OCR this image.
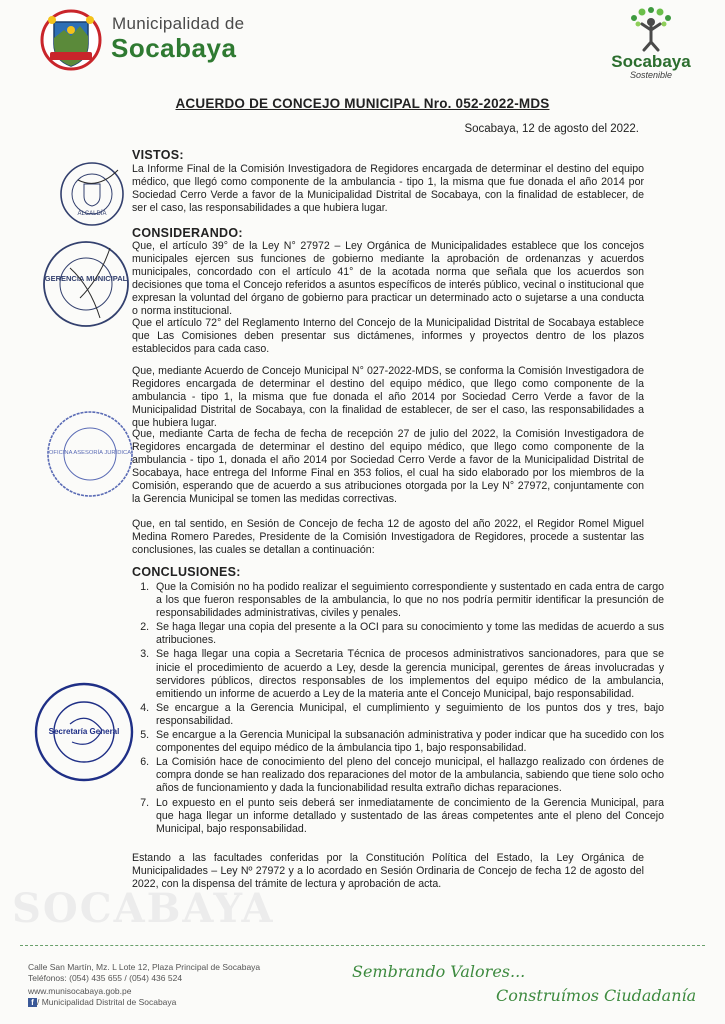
SOCABAYA
Municipalidad de
Socabaya	Socabaya
Sostenible
ACUERDO DE CONCEJO MUNICIPAL Nro. 052-2022-MDS
Socabaya, 12 de agosto del 2022.
ALCALDÍA
GERENCIA MUNICIPAL
OFICINA ASESORÍA JURÍDICA
Secretaría General
VISTOS:
La Informe Final de la Comisión Investigadora de Regidores encargada de determinar el destino del equipo médico, que llegó como componente de la ambulancia - tipo 1, la misma que fue donada el año 2014 por Sociedad Cerro Verde a favor de la Municipalidad Distrital de Socabaya, con la finalidad de establecer, de ser el caso, las responsabilidades a que hubiera lugar.
CONSIDERANDO:
Que, el artículo 39° de la Ley N° 27972 – Ley Orgánica de Municipalidades establece que los concejos municipales ejercen sus funciones de gobierno mediante la aprobación de ordenanzas y acuerdos municipales, concordado con el artículo 41° de la acotada norma que señala que los acuerdos son decisiones que toma el Concejo referidos a asuntos específicos de interés público, vecinal o institucional que expresan la voluntad del órgano de gobierno para practicar un determinado acto o sujetarse a una conducta o norma institucional.
Que el artículo 72° del Reglamento Interno del Concejo de la Municipalidad Distrital de Socabaya establece que Las Comisiones deben presentar sus dictámenes, informes y proyectos dentro de los plazos establecidos para cada caso.
Que, mediante Acuerdo de Concejo Municipal N° 027-2022-MDS, se conforma la Comisión Investigadora de Regidores encargada de determinar el destino del equipo médico, que llego como componente de la ambulancia - tipo 1, la misma que fue donada el año 2014 por Sociedad Cerro Verde a favor de la Municipalidad Distrital de Socabaya, con la finalidad de establecer, de ser el caso, las responsabilidades a que hubiera lugar.
Que, mediante Carta de fecha de fecha de recepción 27 de julio del 2022, la Comisión Investigadora de Regidores encargada de determinar el destino del equipo médico, que llego como componente de la ambulancia - tipo 1, donada el año 2014 por Sociedad Cerro Verde a favor de la Municipalidad Distrital de Socabaya, hace entrega del Informe Final en 353 folios, el cual ha sido elaborado por los miembros de la Comisión, esperando que de acuerdo a sus atribuciones otorgada por la Ley N° 27972, conjuntamente con la Gerencia Municipal se tomen las medidas correctivas.
Que, en tal sentido, en Sesión de Concejo de fecha 12 de agosto del año 2022, el Regidor Romel Miguel Medina Romero Paredes, Presidente de la Comisión Investigadora de Regidores, procede a sustentar las conclusiones, las cuales se detallan a continuación:
CONCLUSIONES:
1. Que la Comisión no ha podido realizar el seguimiento correspondiente y sustentado en cada entra de cargo a los que fueron responsables de la ambulancia, lo que no nos podría permitir identificar la presunción de responsabilidades administrativas, civiles y penales.
2. Se haga llegar una copia del presente a la OCI para su conocimiento y tome las medidas de acuerdo a sus atribuciones.
3. Se haga llegar una copia a Secretaria Técnica de procesos administrativos sancionadores, para que se inicie el procedimiento de acuerdo a Ley, desde la gerencia municipal, gerentes de áreas involucradas y servidores públicos, directos responsables de los implementos del equipo médico de la ambulancia, emitiendo un informe de acuerdo a Ley de la materia ante el Concejo Municipal, bajo responsabilidad.
4. Se encargue a la Gerencia Municipal, el cumplimiento y seguimiento de los puntos dos y tres, bajo responsabilidad.
5. Se encargue a la Gerencia Municipal la subsanación administrativa y poder indicar que ha sucedido con los componentes del equipo médico de la ámbulancia tipo 1, bajo responsabilidad.
6. La Comisión hace de conocimiento del pleno del concejo municipal, el hallazgo realizado con órdenes de compra donde se han realizado dos reparaciones del motor de la ambulancia, sabiendo que tiene solo ocho años de funcionamiento y dada la funcionabilidad resulta extraño dichas reparaciones.
7. Lo expuesto en el punto seis deberá ser inmediatamente de concimiento de la Gerencia Municipal, para que haga llegar un informe detallado y sustentado de las áreas competentes ante el pleno del Concejo Municipal, bajo responsabilidad.
Estando a las facultades conferidas por la Constitución Política del Estado, la Ley Orgánica de Municipalidades – Ley Nº 27972 y a lo acordado en Sesión Ordinaria de Concejo de fecha 12 de agosto del 2022, con la dispensa del trámite de lectura y aprobación de acta.
Calle San Martín, Mz. L Lote 12, Plaza Principal de Socabaya
Teléfonos: (054) 435 655 / (054) 436 524
www.munisocabaya.gob.pe
f / Municipalidad Distrital de Socabaya
Sembrando Valores...
Construímos Ciudadanía
